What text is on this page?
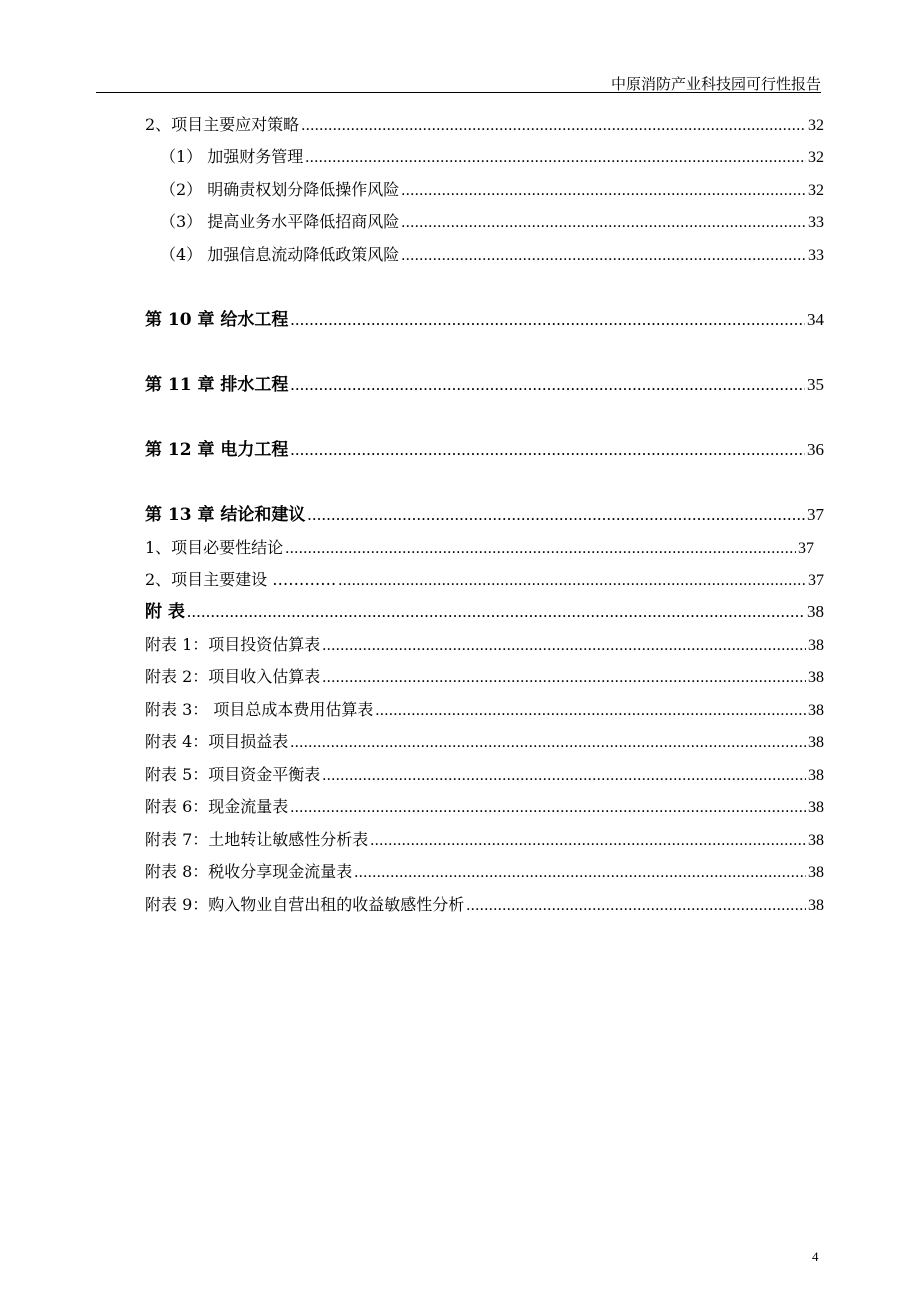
中原消防产业科技园可行性报告
2、项目主要应对策略 .....	32
（1） 加强财务管理 .....	32
（2） 明确责权划分降低操作风险 .....	32
（3） 提高业务水平降低招商风险 .....	33
（4） 加强信息流动降低政策风险 .....	33
第 10 章 给水工程 .....	34
第 11 章 排水工程 .....	35
第 12 章 电力工程 .....	36
第 13 章 结论和建议 .....	37
1、项目必要性结论 .....	37
2、项目主要建设 ………… .....	37
附 表 .....	38
附表 1：项目投资估算表 .....	38
附表 2：项目收入估算表 .....	38
附表 3： 项目总成本费用估算表 .....	38
附表 4：项目损益表 .....	38
附表 5：项目资金平衡表 .....	38
附表 6：现金流量表 .....	38
附表 7：土地转让敏感性分析表 .....	38
附表 8：税收分享现金流量表 .....	38
附表 9：购入物业自营出租的收益敏感性分析 .....	38
4
